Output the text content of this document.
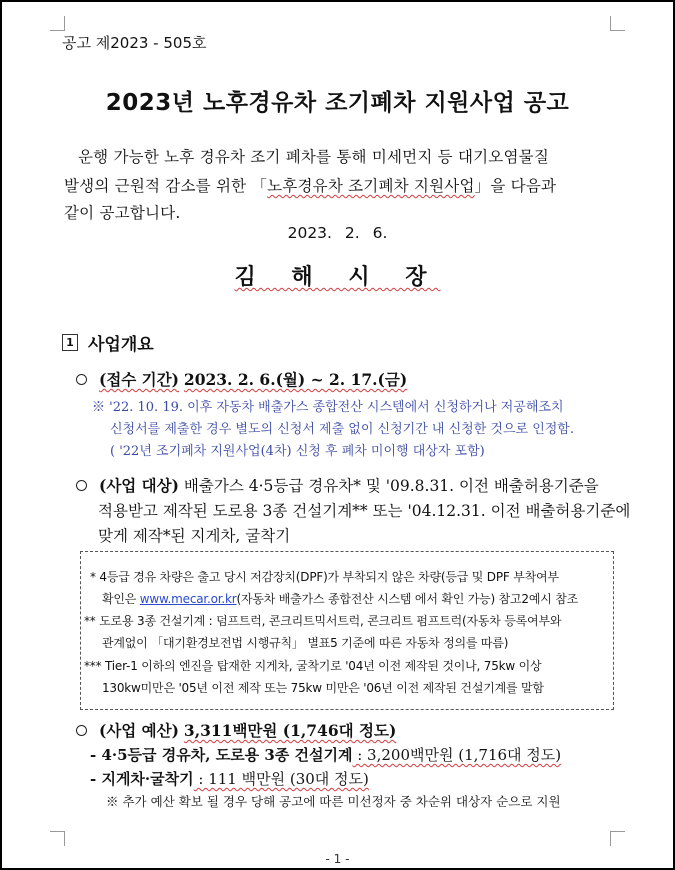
공고 제2023 - 505호
2023년 노후경유차 조기폐차 지원사업 공고
운행 가능한 노후 경유차 조기 폐차를 통해 미세먼지 등 대기오염물질
발생의 근원적 감소를 위한 「노후경유차 조기폐차 지원사업」을 다음과
같이 공고합니다.
2023. 2. 6.
김 해 시 장
1 사업개요
(접수 기간) 2023. 2. 6.(월) ~ 2. 17.(금)
※ '22. 10. 19. 이후 자동차 배출가스 종합전산 시스템에서 신청하거나 저공해조치
신청서를 제출한 경우 별도의 신청서 제출 없이 신청기간 내 신청한 것으로 인정함.
( '22년 조기폐차 지원사업(4차) 신청 후 폐차 미이행 대상자 포함)
(사업 대상) 배출가스 4·5등급 경유차* 및 '09.8.31. 이전 배출허용기준을
적용받고 제작된 도로용 3종 건설기계** 또는 '04.12.31. 이전 배출허용기준에
맞게 제작*된 지게차, 굴착기
* 4등급 경유 차량은 출고 당시 저감장치(DPF)가 부착되지 않은 차량(등급 및 DPF 부착여부
확인은 www.mecar.or.kr(자동차 배출가스 종합전산 시스템 에서 확인 가능) 참고2예시 참조
** 도로용 3종 건설기계 : 덤프트럭, 콘크리트믹서트럭, 콘크리트 펌프트럭(자동차 등록여부와
관계없이 「대기환경보전법 시행규칙」 별표5 기준에 따른 자동차 정의를 따름)
*** Tier-1 이하의 엔진을 탑재한 지게차, 굴착기로 '04년 이전 제작된 것이나, 75kw 이상
130kw미만은 '05년 이전 제작 또는 75kw 미만은 '06년 이전 제작된 건설기계를 말함
(사업 예산) 3,311백만원 (1,746대 정도)
- 4·5등급 경유차, 도로용 3종 건설기계 : 3,200백만원 (1,716대 정도)
- 지게차·굴착기 : 111 백만원 (30대 정도)
※ 추가 예산 확보 될 경우 당해 공고에 따른 미선정자 중 차순위 대상자 순으로 지원
- 1 -
